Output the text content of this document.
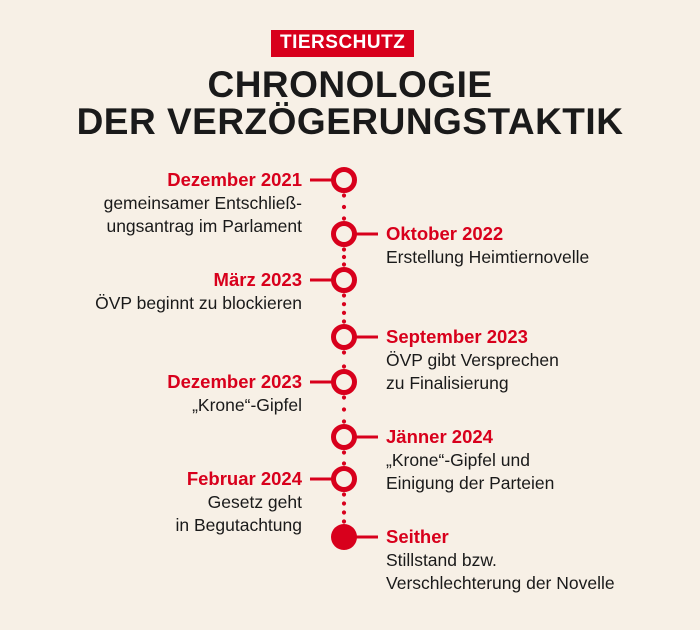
TIERSCHUTZ
CHRONOLOGIE
DER VERZÖGERUNGSTAKTIK
Dezember 2021
gemeinsamer Entschließ-
ungsantrag im Parlament	Oktober 2022
Erstellung Heimtiernovelle
März 2023
ÖVP beginnt zu blockieren
September 2023
ÖVP gibt Versprechen
zu Finalisierung
Dezember 2023
„Krone“-Gipfel
Jänner 2024
„Krone“-Gipfel und
Einigung der Parteien
Februar 2024
Gesetz geht
in Begutachtung
Seither
Stillstand bzw.
Verschlechterung der Novelle
